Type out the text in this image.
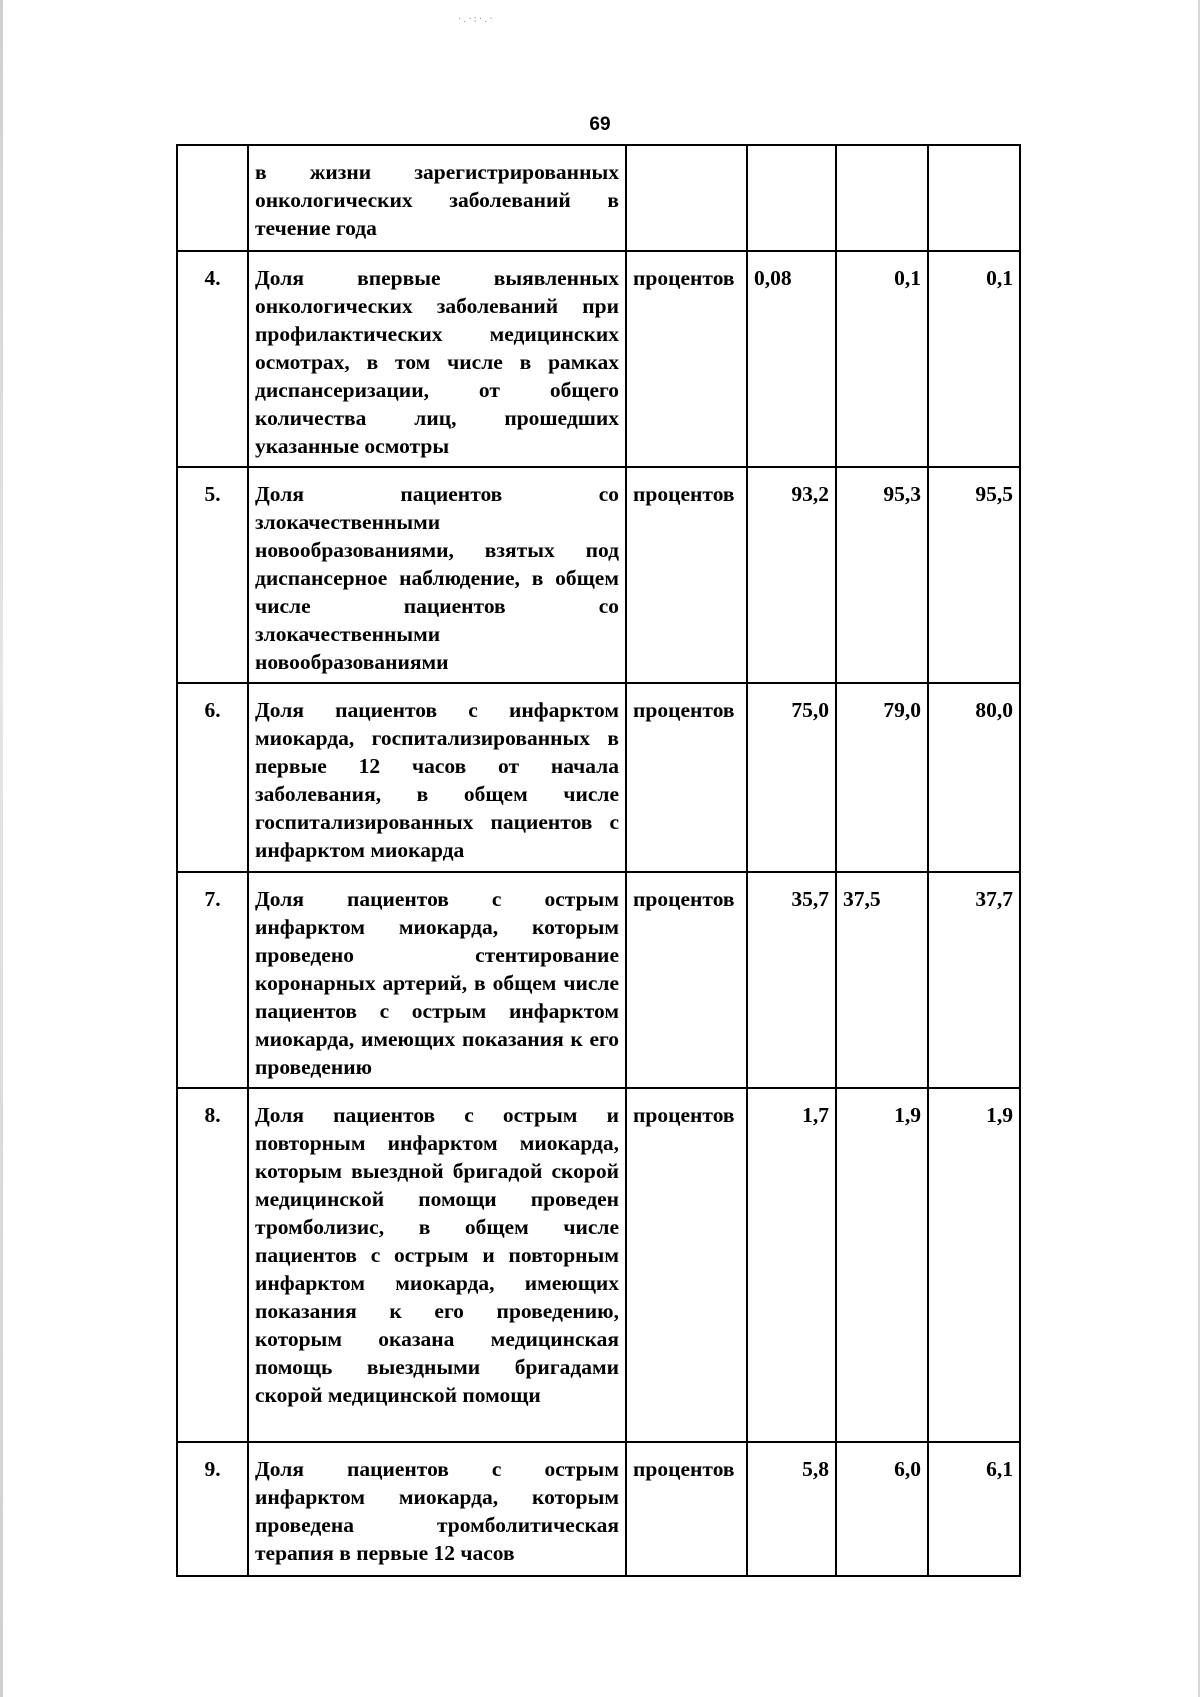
·.·:·.·
69
	в жизни зарегистрированных онкологических заболеваний в течение года				
4.	Доля впервые выявленных онкологических заболеваний при профилактических медицинских осмотрах, в том числе в рамках диспансеризации, от общего количества лиц, прошедших указанные осмотры	процентов	0,08	0,1	0,1
5.	Доля пациентов со злокачественными новообразованиями, взятых под диспансерное наблюдение, в общем числе пациентов со злокачественными новообразованиями	процентов	93,2	95,3	95,5
6.	Доля пациентов с инфарктом миокарда, госпитализированных в первые 12 часов от начала заболевания, в общем числе госпитализированных пациентов с инфарктом миокарда	процентов	75,0	79,0	80,0
7.	Доля пациентов с острым инфарктом миокарда, которым проведено стентирование коронарных артерий, в общем числе пациентов с острым инфарктом миокарда, имеющих показания к его проведению	процентов	35,7	37,5	37,7
8.	Доля пациентов с острым и повторным инфарктом миокарда, которым выездной бригадой скорой медицинской помощи проведен тромболизис, в общем числе пациентов с острым и повторным инфарктом миокарда, имеющих показания к его проведению, которым оказана медицинская помощь выездными бригадами скорой медицинской помощи	процентов	1,7	1,9	1,9
9.	Доля пациентов с острым инфарктом миокарда, которым проведена тромболитическая терапия в первые 12 часов	процентов	5,8	6,0	6,1
